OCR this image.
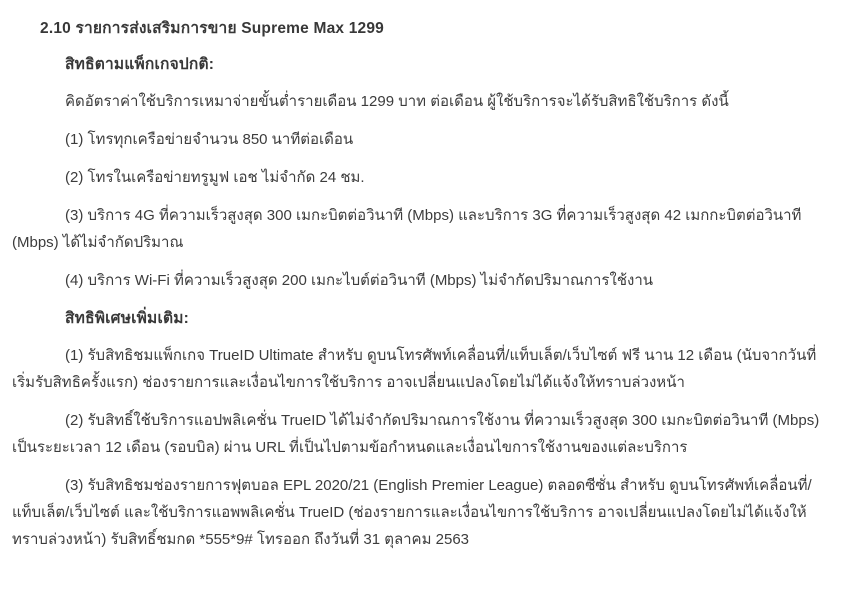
2.10 รายการส่งเสริมการขาย Supreme Max 1299
สิทธิตามแพ็กเกจปกติ:

คิดอัตราค่าใช้บริการเหมาจ่ายขั้นต่ำรายเดือน 1299 บาท ต่อเดือน ผู้ใช้บริการจะได้รับสิทธิใช้บริการ ดังนี้

(1) โทรทุกเครือข่ายจำนวน 850 นาทีต่อเดือน

(2) โทรในเครือข่ายทรูมูฟ เอช ไม่จำกัด 24 ชม.

(3) บริการ 4G ที่ความเร็วสูงสุด 300 เมกะบิตต่อวินาที (Mbps) และบริการ 3G ที่ความเร็วสูงสุด 42 เมกกะบิตต่อวินาที (Mbps) ได้ไม่จำกัดปริมาณ

(4) บริการ Wi-Fi ที่ความเร็วสูงสุด 200 เมกะไบต์ต่อวินาที (Mbps) ไม่จำกัดปริมาณการใช้งาน

สิทธิพิเศษเพิ่มเติม:

(1) รับสิทธิชมแพ็กเกจ TrueID Ultimate สำหรับ ดูบนโทรศัพท์เคลื่อนที่/แท็บเล็ต/เว็บไซต์ ฟรี นาน 12 เดือน (นับจากวันที่เริ่มรับสิทธิครั้งแรก) ช่องรายการและเงื่อนไขการใช้บริการ อาจเปลี่ยนแปลงโดยไม่ได้แจ้งให้ทราบล่วงหน้า

(2) รับสิทธิ์ใช้บริการแอปพลิเคชั่น TrueID ได้ไม่จำกัดปริมาณการใช้งาน ที่ความเร็วสูงสุด 300 เมกะบิตต่อวินาที (Mbps) เป็นระยะเวลา 12 เดือน (รอบบิล) ผ่าน URL ที่เป็นไปตามข้อกำหนดและเงื่อนไขการใช้งานของแต่ละบริการ

(3) รับสิทธิชมช่องรายการฟุตบอล EPL 2020/21 (English Premier League) ตลอดซีซั่น สำหรับ ดูบนโทรศัพท์เคลื่อนที่/แท็บเล็ต/เว็บไซต์ และใช้บริการแอพพลิเคชั่น TrueID (ช่องรายการและเงื่อนไขการใช้บริการ อาจเปลี่ยนแปลงโดยไม่ได้แจ้งให้ทราบล่วงหน้า) รับสิทธิ์ชมกด *555*9# โทรออก ถึงวันที่ 31 ตุลาคม 2563
